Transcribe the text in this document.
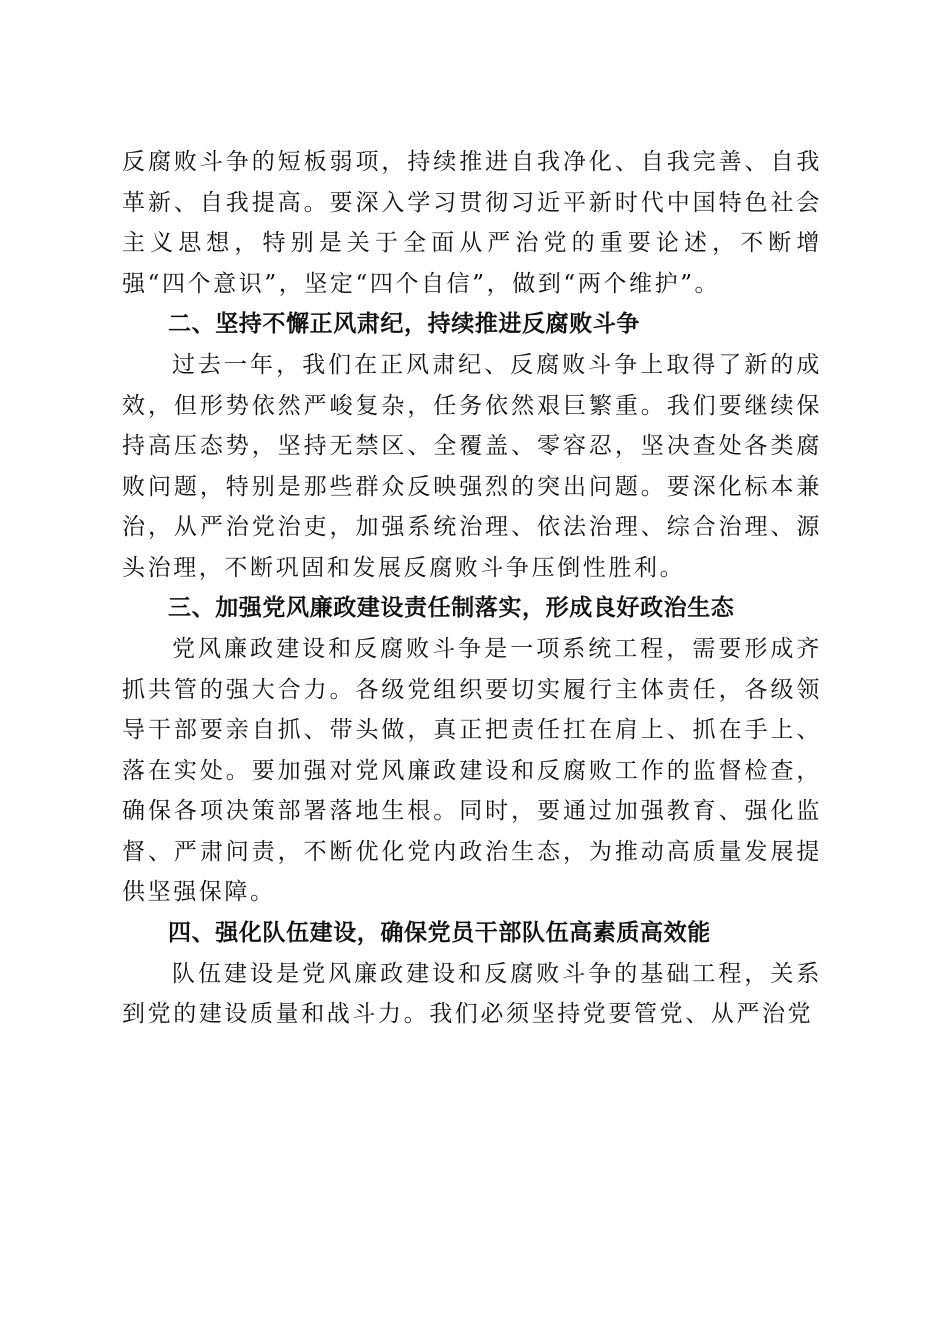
反腐败斗争的短板弱项，持续推进自我净化、自我完善、自我革新、自我提高。要深入学习贯彻习近平新时代中国特色社会主义思想，特别是关于全面从严治党的重要论述，不断增强“四个意识”，坚定“四个自信”，做到“两个维护”。

二、坚持不懈正风肃纪，持续推进反腐败斗争

过去一年，我们在正风肃纪、反腐败斗争上取得了新的成效，但形势依然严峻复杂，任务依然艰巨繁重。我们要继续保持高压态势，坚持无禁区、全覆盖、零容忍，坚决查处各类腐败问题，特别是那些群众反映强烈的突出问题。要深化标本兼治，从严治党治吏，加强系统治理、依法治理、综合治理、源头治理，不断巩固和发展反腐败斗争压倒性胜利。

三、加强党风廉政建设责任制落实，形成良好政治生态

党风廉政建设和反腐败斗争是一项系统工程，需要形成齐抓共管的强大合力。各级党组织要切实履行主体责任，各级领导干部要亲自抓、带头做，真正把责任扛在肩上、抓在手上、落在实处。要加强对党风廉政建设和反腐败工作的监督检查，确保各项决策部署落地生根。同时，要通过加强教育、强化监督、严肃问责，不断优化党内政治生态，为推动高质量发展提供坚强保障。

四、强化队伍建设，确保党员干部队伍高素质高效能

队伍建设是党风廉政建设和反腐败斗争的基础工程，关系到党的建设质量和战斗力。我们必须坚持党要管党、从严治党
